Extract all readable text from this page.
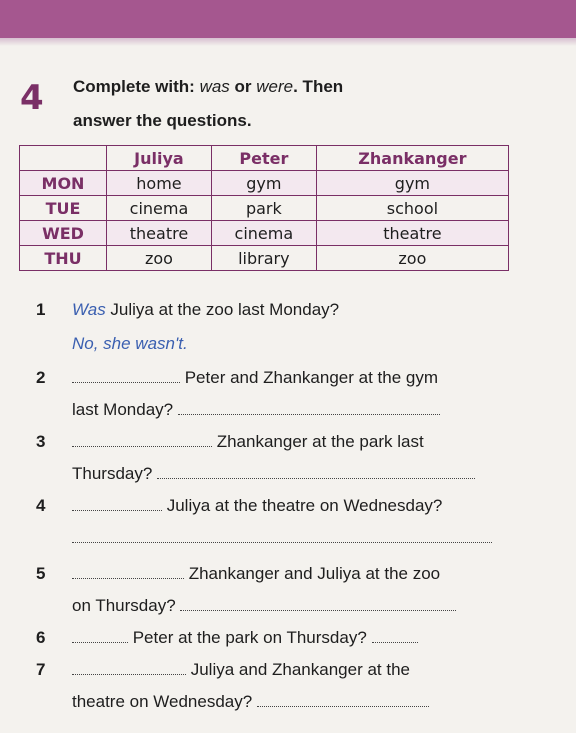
4 Complete with: was or were. Then
answer the questions.
	Juliya	Peter	Zhankanger
MON	home	gym	gym
TUE	cinema	park	school
WED	theatre	cinema	theatre
THU	zoo	library	zoo
1 Was Juliya at the zoo last Monday?
No, she wasn't.
2	Peter and Zhankanger at the gym
last Monday?
3	Zhankanger at the park last
Thursday?
4	Juliya at the theatre on Wednesday?
5	Zhankanger and Juliya at the zoo
on Thursday?
6	Peter at the park on Thursday?
7	Juliya and Zhankanger at the
theatre on Wednesday?
